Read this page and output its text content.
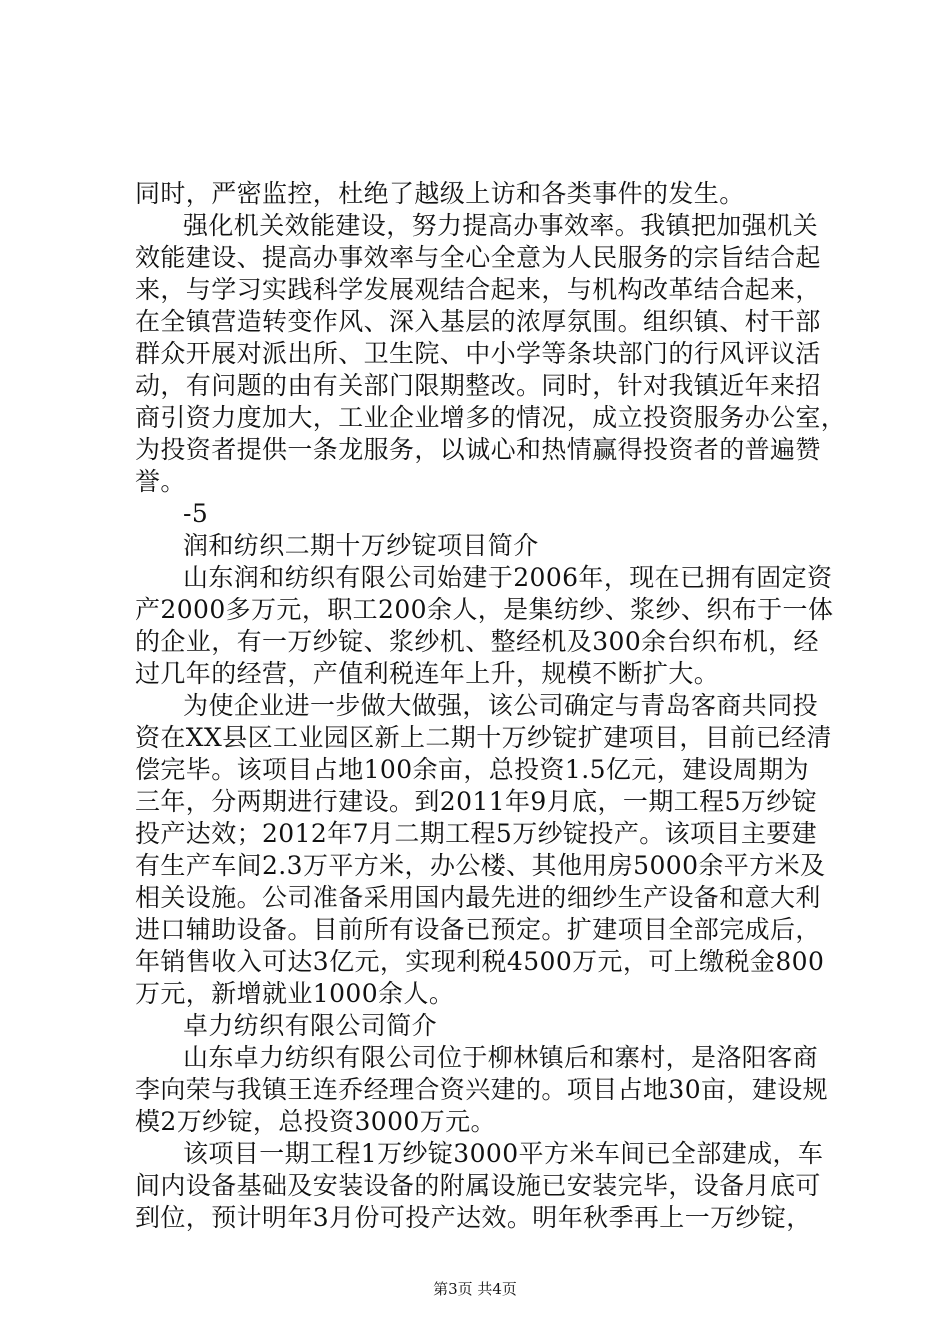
同时，严密监控，杜绝了越级上访和各类事件的发生。
强化机关效能建设，努力提高办事效率。我镇把加强机关
效能建设、提高办事效率与全心全意为人民服务的宗旨结合起
来，与学习实践科学发展观结合起来，与机构改革结合起来，
在全镇营造转变作风、深入基层的浓厚氛围。组织镇、村干部
群众开展对派出所、卫生院、中小学等条块部门的行风评议活
动，有问题的由有关部门限期整改。同时，针对我镇近年来招
商引资力度加大，工业企业增多的情况，成立投资服务办公室，
为投资者提供一条龙服务，以诚心和热情赢得投资者的普遍赞
誉。
-5
润和纺织二期十万纱锭项目简介
山东润和纺织有限公司始建于2006年，现在已拥有固定资
产2000多万元，职工200余人，是集纺纱、浆纱、织布于一体
的企业，有一万纱锭、浆纱机、整经机及300余台织布机，经
过几年的经营，产值利税连年上升，规模不断扩大。
为使企业进一步做大做强，该公司确定与青岛客商共同投
资在XX县区工业园区新上二期十万纱锭扩建项目，目前已经清
偿完毕。该项目占地100余亩，总投资1.5亿元，建设周期为
三年，分两期进行建设。到2011年9月底，一期工程5万纱锭
投产达效；2012年7月二期工程5万纱锭投产。该项目主要建
有生产车间2.3万平方米，办公楼、其他用房5000余平方米及
相关设施。公司准备采用国内最先进的细纱生产设备和意大利
进口辅助设备。目前所有设备已预定。扩建项目全部完成后，
年销售收入可达3亿元，实现利税4500万元，可上缴税金800
万元，新增就业1000余人。
卓力纺织有限公司简介
山东卓力纺织有限公司位于柳林镇后和寨村，是洛阳客商
李向荣与我镇王连乔经理合资兴建的。项目占地30亩，建设规
模2万纱锭，总投资3000万元。
该项目一期工程1万纱锭3000平方米车间已全部建成，车
间内设备基础及安装设备的附属设施已安装完毕，设备月底可
到位，预计明年3月份可投产达效。明年秋季再上一万纱锭，
第3页 共4页
